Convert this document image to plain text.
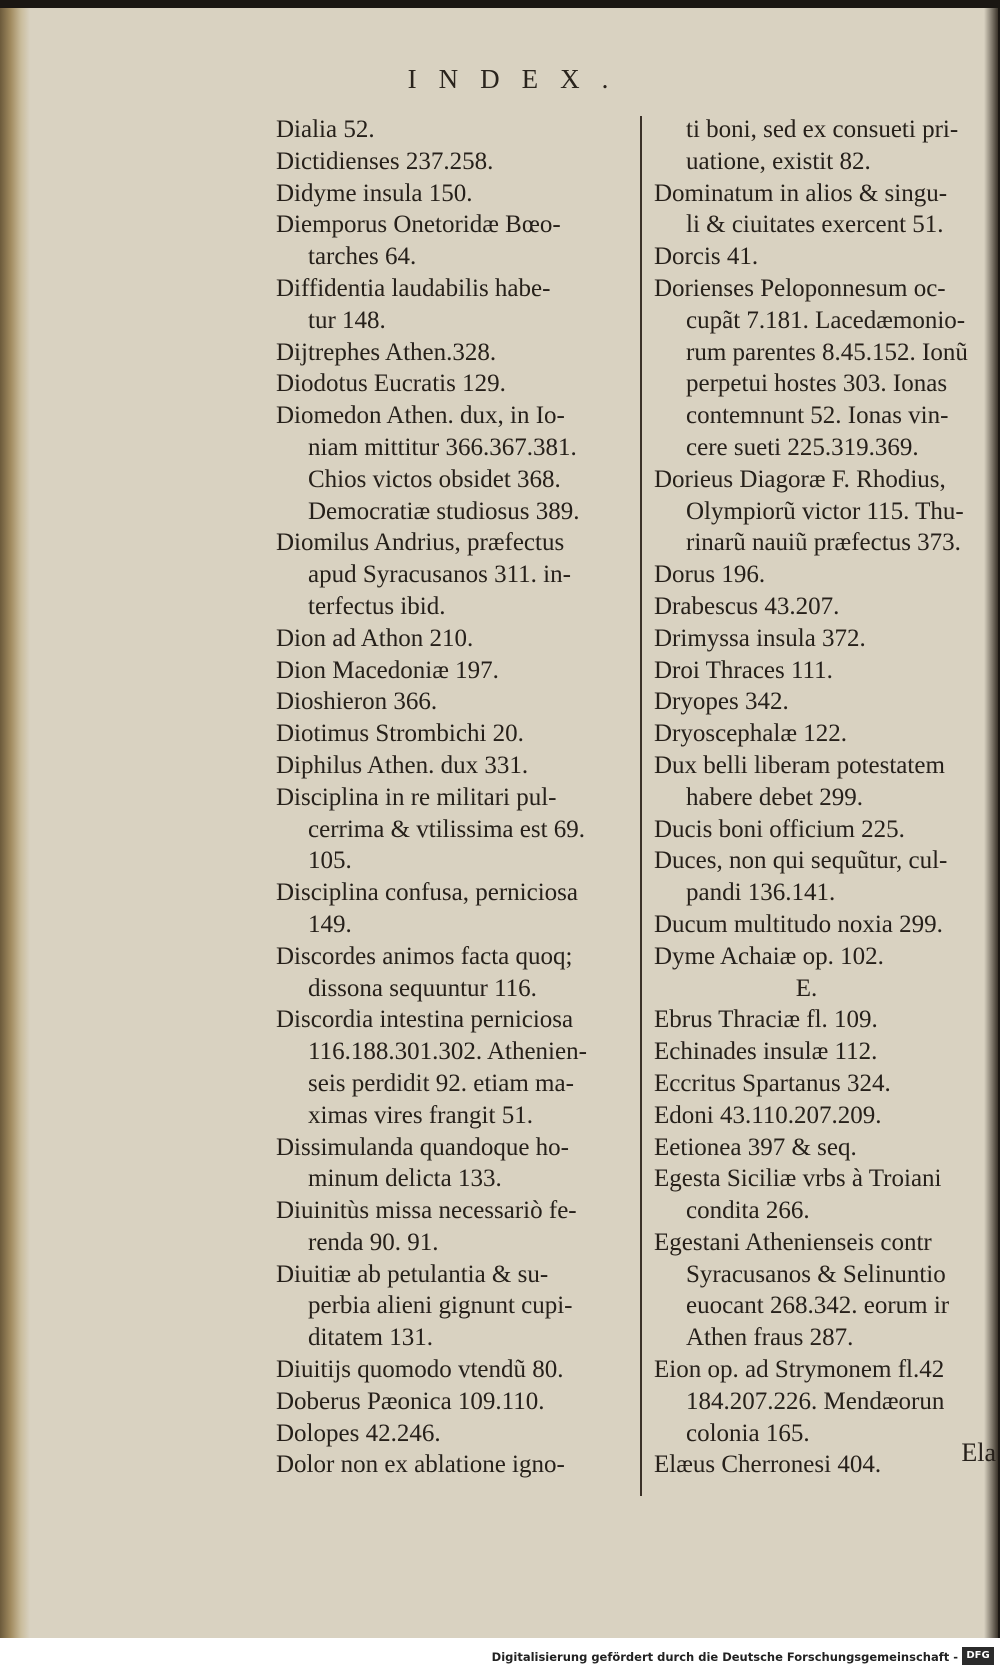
INDEX.
Dialia 52.
Dictidienses 237.258.
Didyme insula 150.
Diemporus Onetoridæ Bœo-
tarches 64.
Diffidentia laudabilis habe-
tur 148.
Dijtrephes Athen.328.
Diodotus Eucratis 129.
Diomedon Athen. dux, in Io-
niam mittitur 366.367.381.
Chios victos obsidet 368.
Democratiæ studiosus 389.
Diomilus Andrius, præfectus
apud Syracusanos 311. in-
terfectus ibid.
Dion ad Athon 210.
Dion Macedoniæ 197.
Dioshieron 366.
Diotimus Strombichi 20.
Diphilus Athen. dux 331.
Disciplina in re militari pul-
cerrima & vtilissima est 69.
105.
Disciplina confusa, perniciosa
149.
Discordes animos facta quoq;
dissona sequuntur 116.
Discordia intestina perniciosa
116.188.301.302. Athenien-
seis perdidit 92. etiam ma-
ximas vires frangit 51.
Dissimulanda quandoque ho-
minum delicta 133.
Diuinitùs missa necessariò fe-
renda 90. 91.
Diuitiæ ab petulantia & su-
perbia alieni gignunt cupi-
ditatem 131.
Diuitijs quomodo vtendũ 80.
Doberus Pæonica 109.110.
Dolopes 42.246.
Dolor non ex ablatione igno-
ti boni, sed ex consueti pri-
uatione, existit 82.
Dominatum in alios & singu-
li & ciuitates exercent 51.
Dorcis 41.
Dorienses Peloponnesum oc-
cupãt 7.181. Lacedæmonio-
rum parentes 8.45.152. Ionũ
perpetui hostes 303. Ionas
contemnunt 52. Ionas vin-
cere sueti 225.319.369.
Dorieus Diagoræ F. Rhodius,
Olympiorũ victor 115. Thu-
rinarũ nauiũ præfectus 373.
Dorus 196.
Drabescus 43.207.
Drimyssa insula 372.
Droi Thraces 111.
Dryopes 342.
Dryoscephalæ 122.
Dux belli liberam potestatem
habere debet 299.
Ducis boni officium 225.
Duces, non qui sequũtur, cul-
pandi 136.141.
Ducum multitudo noxia 299.
Dyme Achaiæ op. 102.
E.
Ebrus Thraciæ fl. 109.
Echinades insulæ 112.
Eccritus Spartanus 324.
Edoni 43.110.207.209.
Eetionea 397 & seq.
Egesta Siciliæ vrbs à Troiani
condita 266.
Egestani Athenienseis contr
Syracusanos & Selinuntio
euocant 268.342. eorum ir
Athen fraus 287.
Eion op. ad Strymonem fl.42
184.207.226. Mendæorun
colonia 165.
Elæus Cherronesi 404.	Ela
Digitalisierung gefördert durch die Deutsche Forschungsgemeinschaft - DFG
